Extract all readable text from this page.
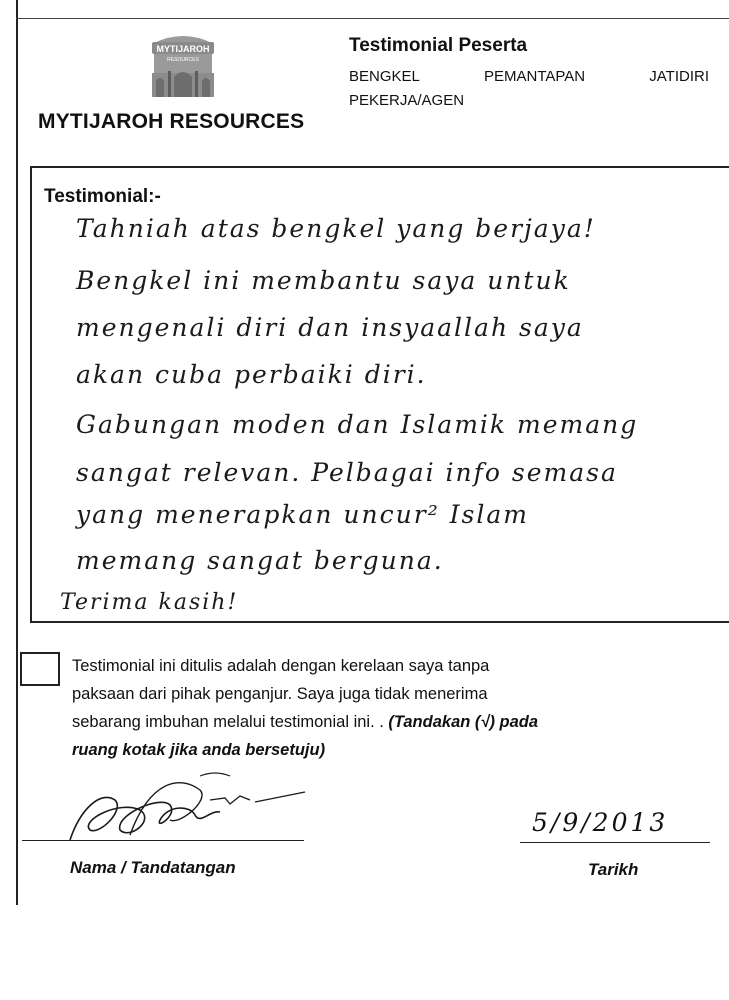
MYTIJAROH
RESOURCES
MYTIJAROH RESOURCES
Testimonial Peserta
BENGKEL	PEMANTAPAN	JATIDIRI
PEKERJA/AGEN
Testimonial:-
Tahniah atas bengkel yang berjaya!
Bengkel ini membantu saya untuk
mengenali diri dan insyaallah saya
akan cuba perbaiki diri.
Gabungan moden dan Islamik memang
sangat relevan. Pelbagai info semasa
yang menerapkan uncur² Islam
memang sangat berguna.
Terima kasih!
Testimonial ini ditulis adalah dengan kerelaan saya tanpa
paksaan dari pihak penganjur. Saya juga tidak menerima
sebarang imbuhan melalui testimonial ini. . (Tandakan (√) pada
ruang kotak jika anda bersetuju)
Nama / Tandatangan
5/9/2013
Tarikh
